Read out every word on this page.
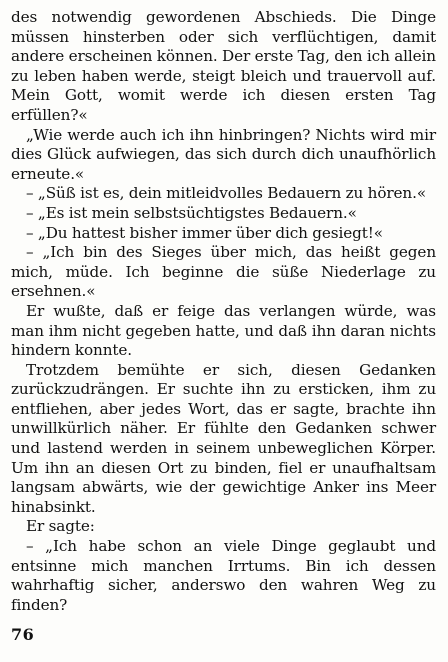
des notwendig gewordenen Abschieds. Die Dinge müssen hinsterben oder sich verflüchtigen, damit andere erscheinen können. Der erste Tag, den ich allein zu leben haben werde, steigt bleich und trauervoll auf. Mein Gott, womit werde ich diesen ersten Tag erfüllen?«

„Wie werde auch ich ihn hinbringen? Nichts wird mir dies Glück aufwiegen, das sich durch dich unaufhörlich erneute.«

– „Süß ist es, dein mitleidvolles Bedauern zu hören.«

– „Es ist mein selbstsüchtigstes Bedauern.«

– „Du hattest bisher immer über dich gesiegt!«

– „Ich bin des Sieges über mich, das heißt gegen mich, müde. Ich beginne die süße Niederlage zu ersehnen.«

Er wußte, daß er feige das verlangen würde, was man ihm nicht gegeben hatte, und daß ihn daran nichts hindern konnte.

Trotzdem bemühte er sich, diesen Gedanken zurückzudrängen. Er suchte ihn zu ersticken, ihm zu entfliehen, aber jedes Wort, das er sagte, brachte ihn unwillkürlich näher. Er fühlte den Gedanken schwer und lastend werden in seinem unbeweglichen Körper. Um ihn an diesen Ort zu binden, fiel er unaufhaltsam langsam abwärts, wie der gewichtige Anker ins Meer hinabsinkt.

Er sagte:

– „Ich habe schon an viele Dinge geglaubt und entsinne mich manchen Irrtums. Bin ich dessen wahrhaftig sicher, anderswo den wahren Weg zu finden?

76
